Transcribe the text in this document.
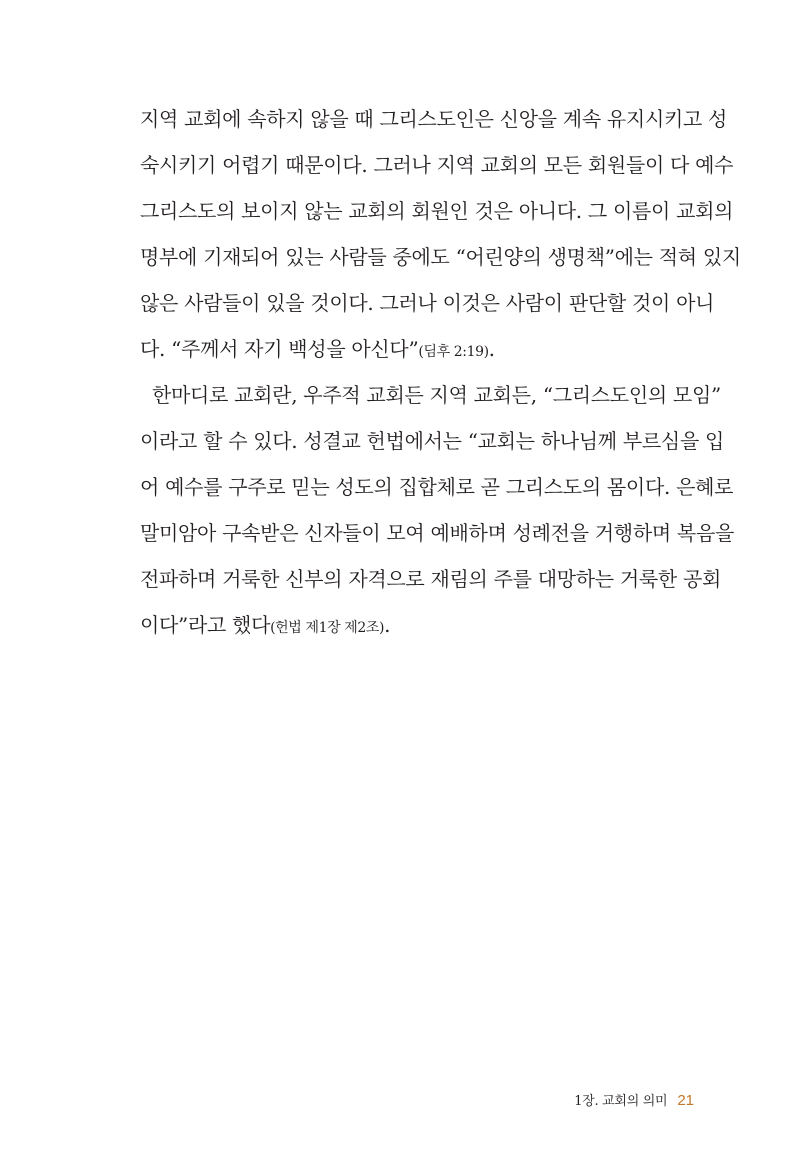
지역 교회에 속하지 않을 때 그리스도인은 신앙을 계속 유지시키고 성
숙시키기 어렵기 때문이다. 그러나 지역 교회의 모든 회원들이 다 예수
그리스도의 보이지 않는 교회의 회원인 것은 아니다. 그 이름이 교회의
명부에 기재되어 있는 사람들 중에도 “어린양의 생명책”에는 적혀 있지
않은 사람들이 있을 것이다. 그러나 이것은 사람이 판단할 것이 아니
다. “주께서 자기 백성을 아신다”(딤후 2:19).
한마디로 교회란, 우주적 교회든 지역 교회든, “그리스도인의 모임”
이라고 할 수 있다. 성결교 헌법에서는 “교회는 하나님께 부르심을 입
어 예수를 구주로 믿는 성도의 집합체로 곧 그리스도의 몸이다. 은혜로
말미암아 구속받은 신자들이 모여 예배하며 성례전을 거행하며 복음을
전파하며 거룩한 신부의 자격으로 재림의 주를 대망하는 거룩한 공회
이다”라고 했다(헌법 제1장 제2조).
1장. 교회의 의미 21
